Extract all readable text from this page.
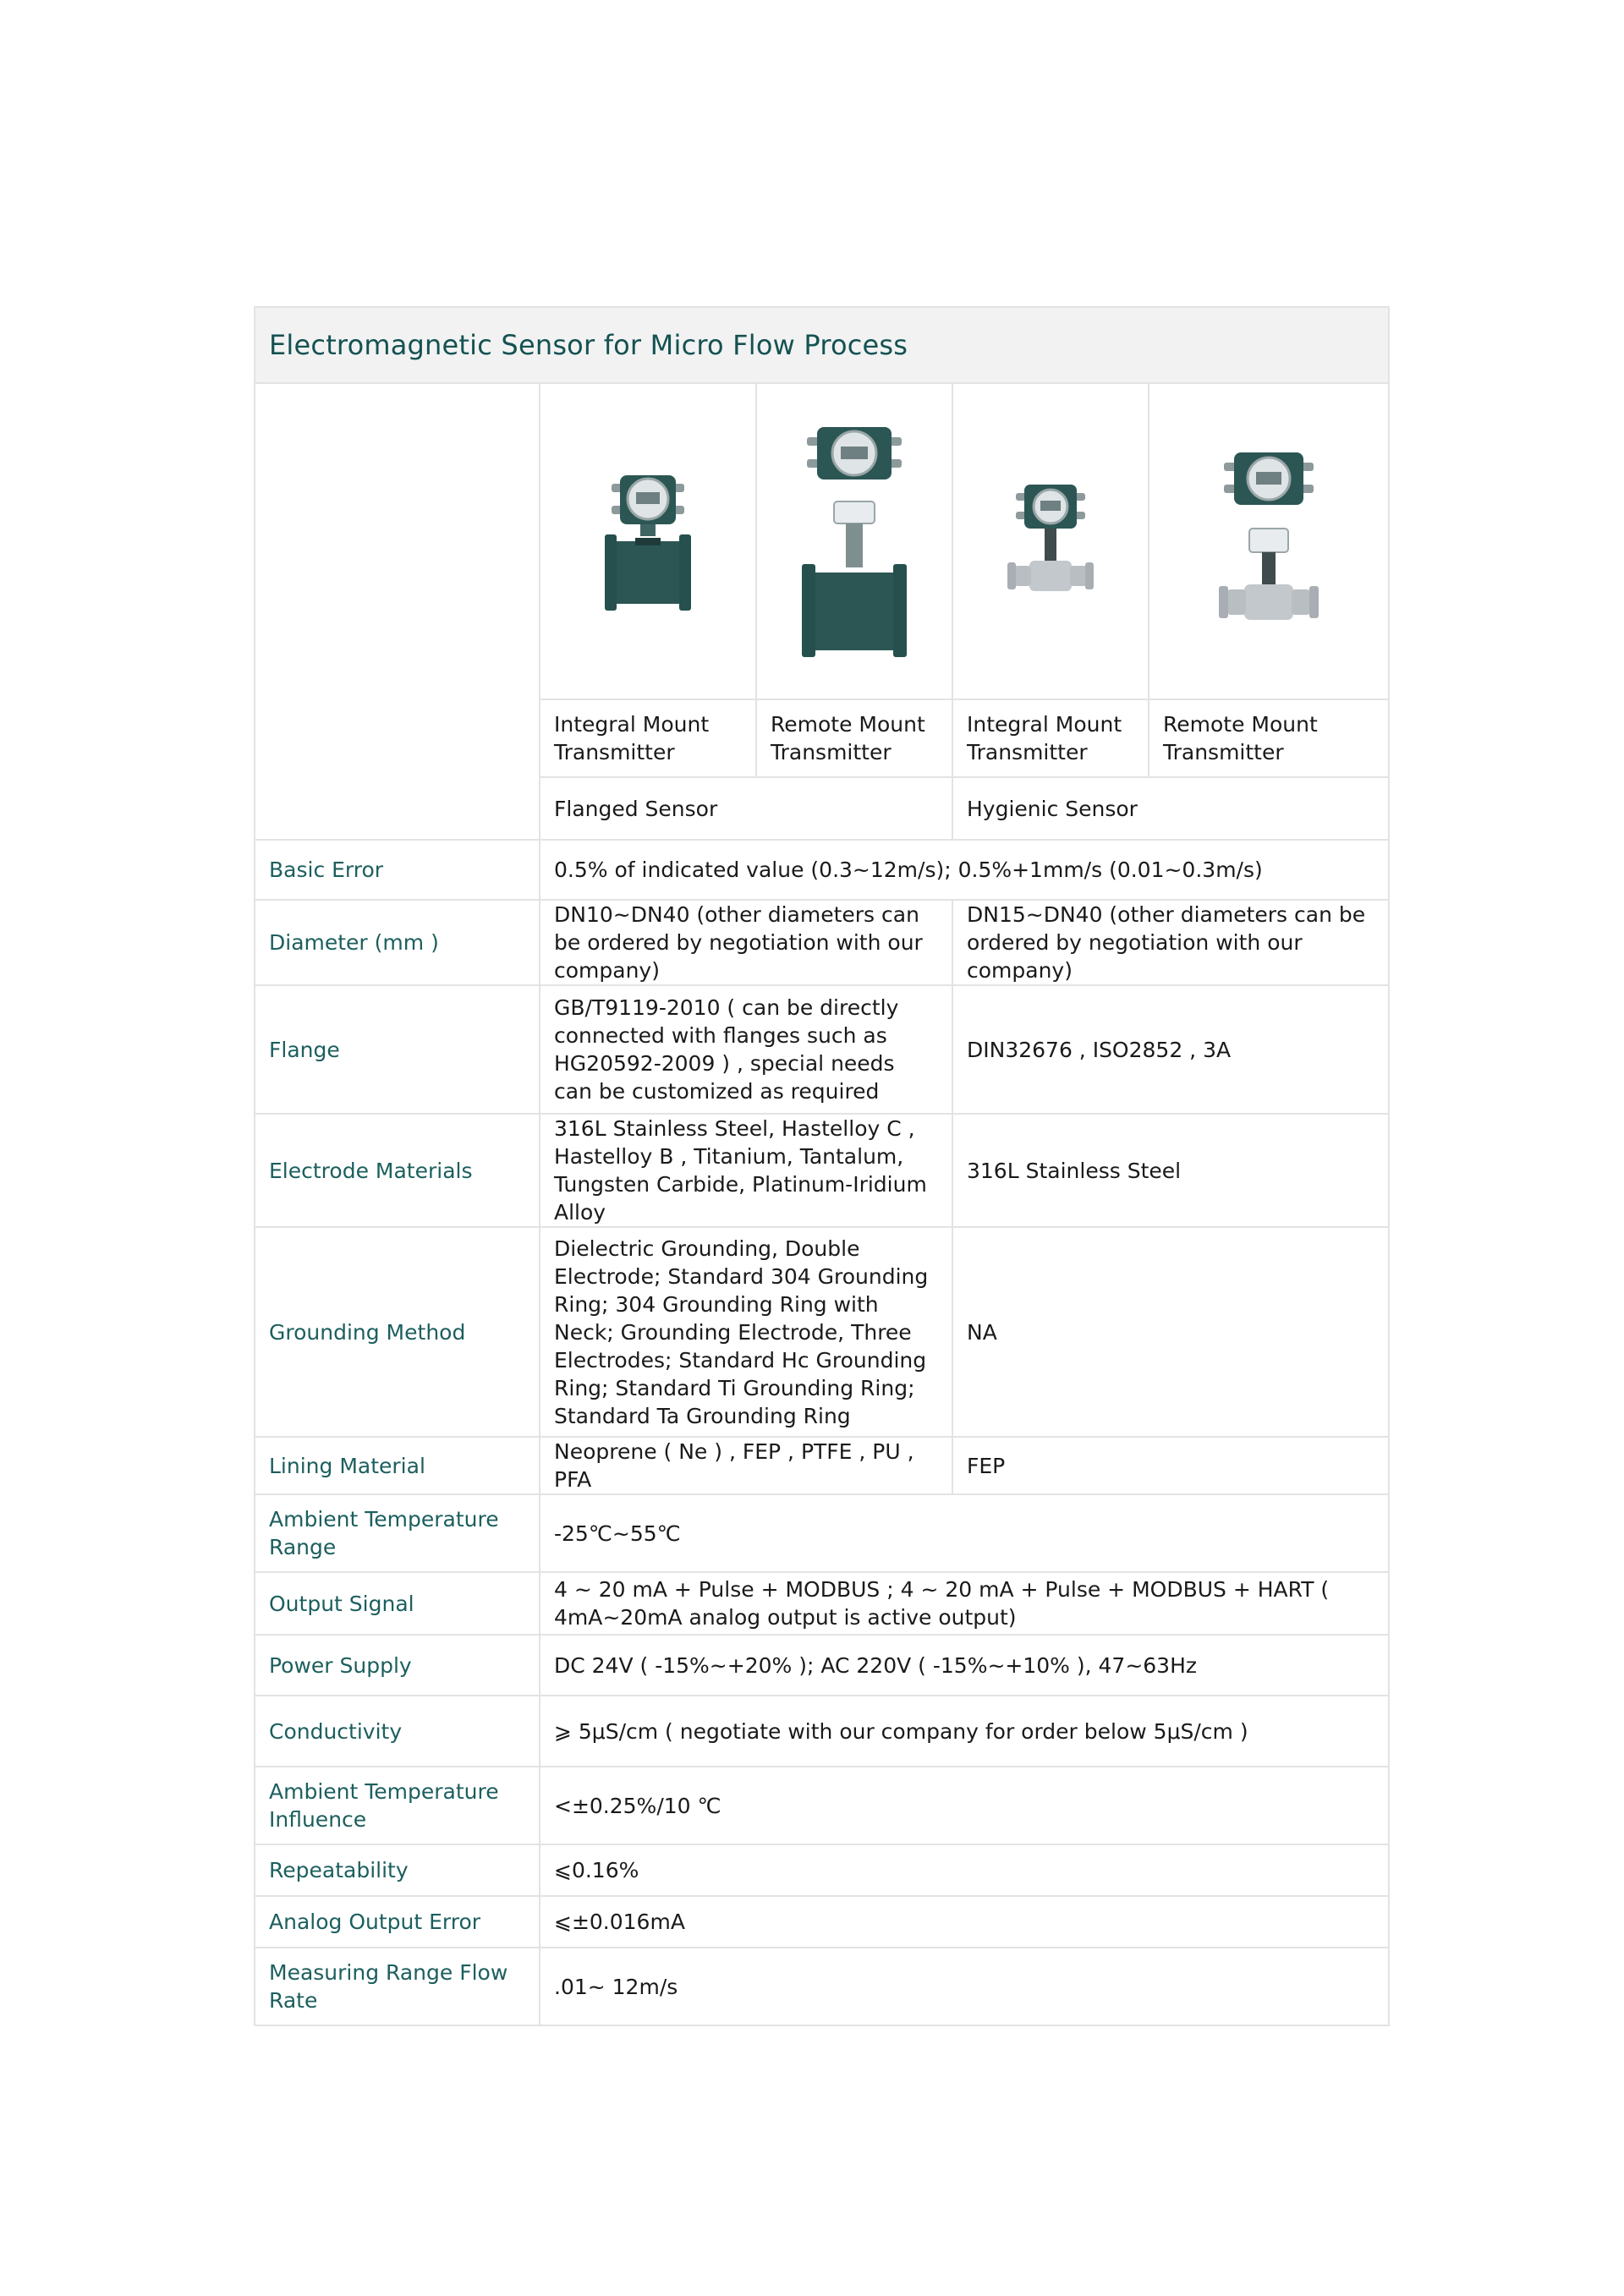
Electromagnetic Sensor for Micro Flow Process				

	Integral Mount Transmitter	Remote Mount Transmitter	Integral Mount Transmitter	Remote Mount Transmitter
	Flanged Sensor		Hygienic Sensor	
Basic Error	0.5% of indicated value (0.3~12m/s); 0.5%+1mm/s (0.01~0.3m/s)			
Diameter (mm )	DN10~DN40 (other diameters can be ordered by negotiation with our company)		DN15~DN40 (other diameters can be ordered by negotiation with our company)	
Flange	GB/T9119-2010 ( can be directly connected with flanges such as HG20592-2009 ) , special needs can be customized as required		DIN32676 , ISO2852 , 3A	
Electrode Materials	316L Stainless Steel, Hastelloy C , Hastelloy B , Titanium, Tantalum, Tungsten Carbide, Platinum-Iridium Alloy		316L Stainless Steel	
Grounding Method	Dielectric Grounding, Double Electrode; Standard 304 Grounding Ring; 304 Grounding Ring with Neck; Grounding Electrode, Three Electrodes; Standard Hc Grounding Ring; Standard Ti Grounding Ring; Standard Ta Grounding Ring		NA	
Lining Material	Neoprene ( Ne ) , FEP , PTFE , PU , PFA		FEP	
Ambient Temperature Range	-25℃~55℃			
Output Signal	4 ~ 20 mA + Pulse + MODBUS ; 4 ~ 20 mA + Pulse + MODBUS + HART ( 4mA~20mA analog output is active output)			
Power Supply	DC 24V ( -15%~+20% ); AC 220V ( -15%~+10% ), 47~63Hz			
Conductivity	⩾ 5μS/cm ( negotiate with our company for order below 5μS/cm )			
Ambient Temperature Influence	<±0.25%/10 ℃			
Repeatability	⩽0.16%			
Analog Output Error	⩽±0.016mA			
Measuring Range Flow Rate	.01~ 12m/s			
